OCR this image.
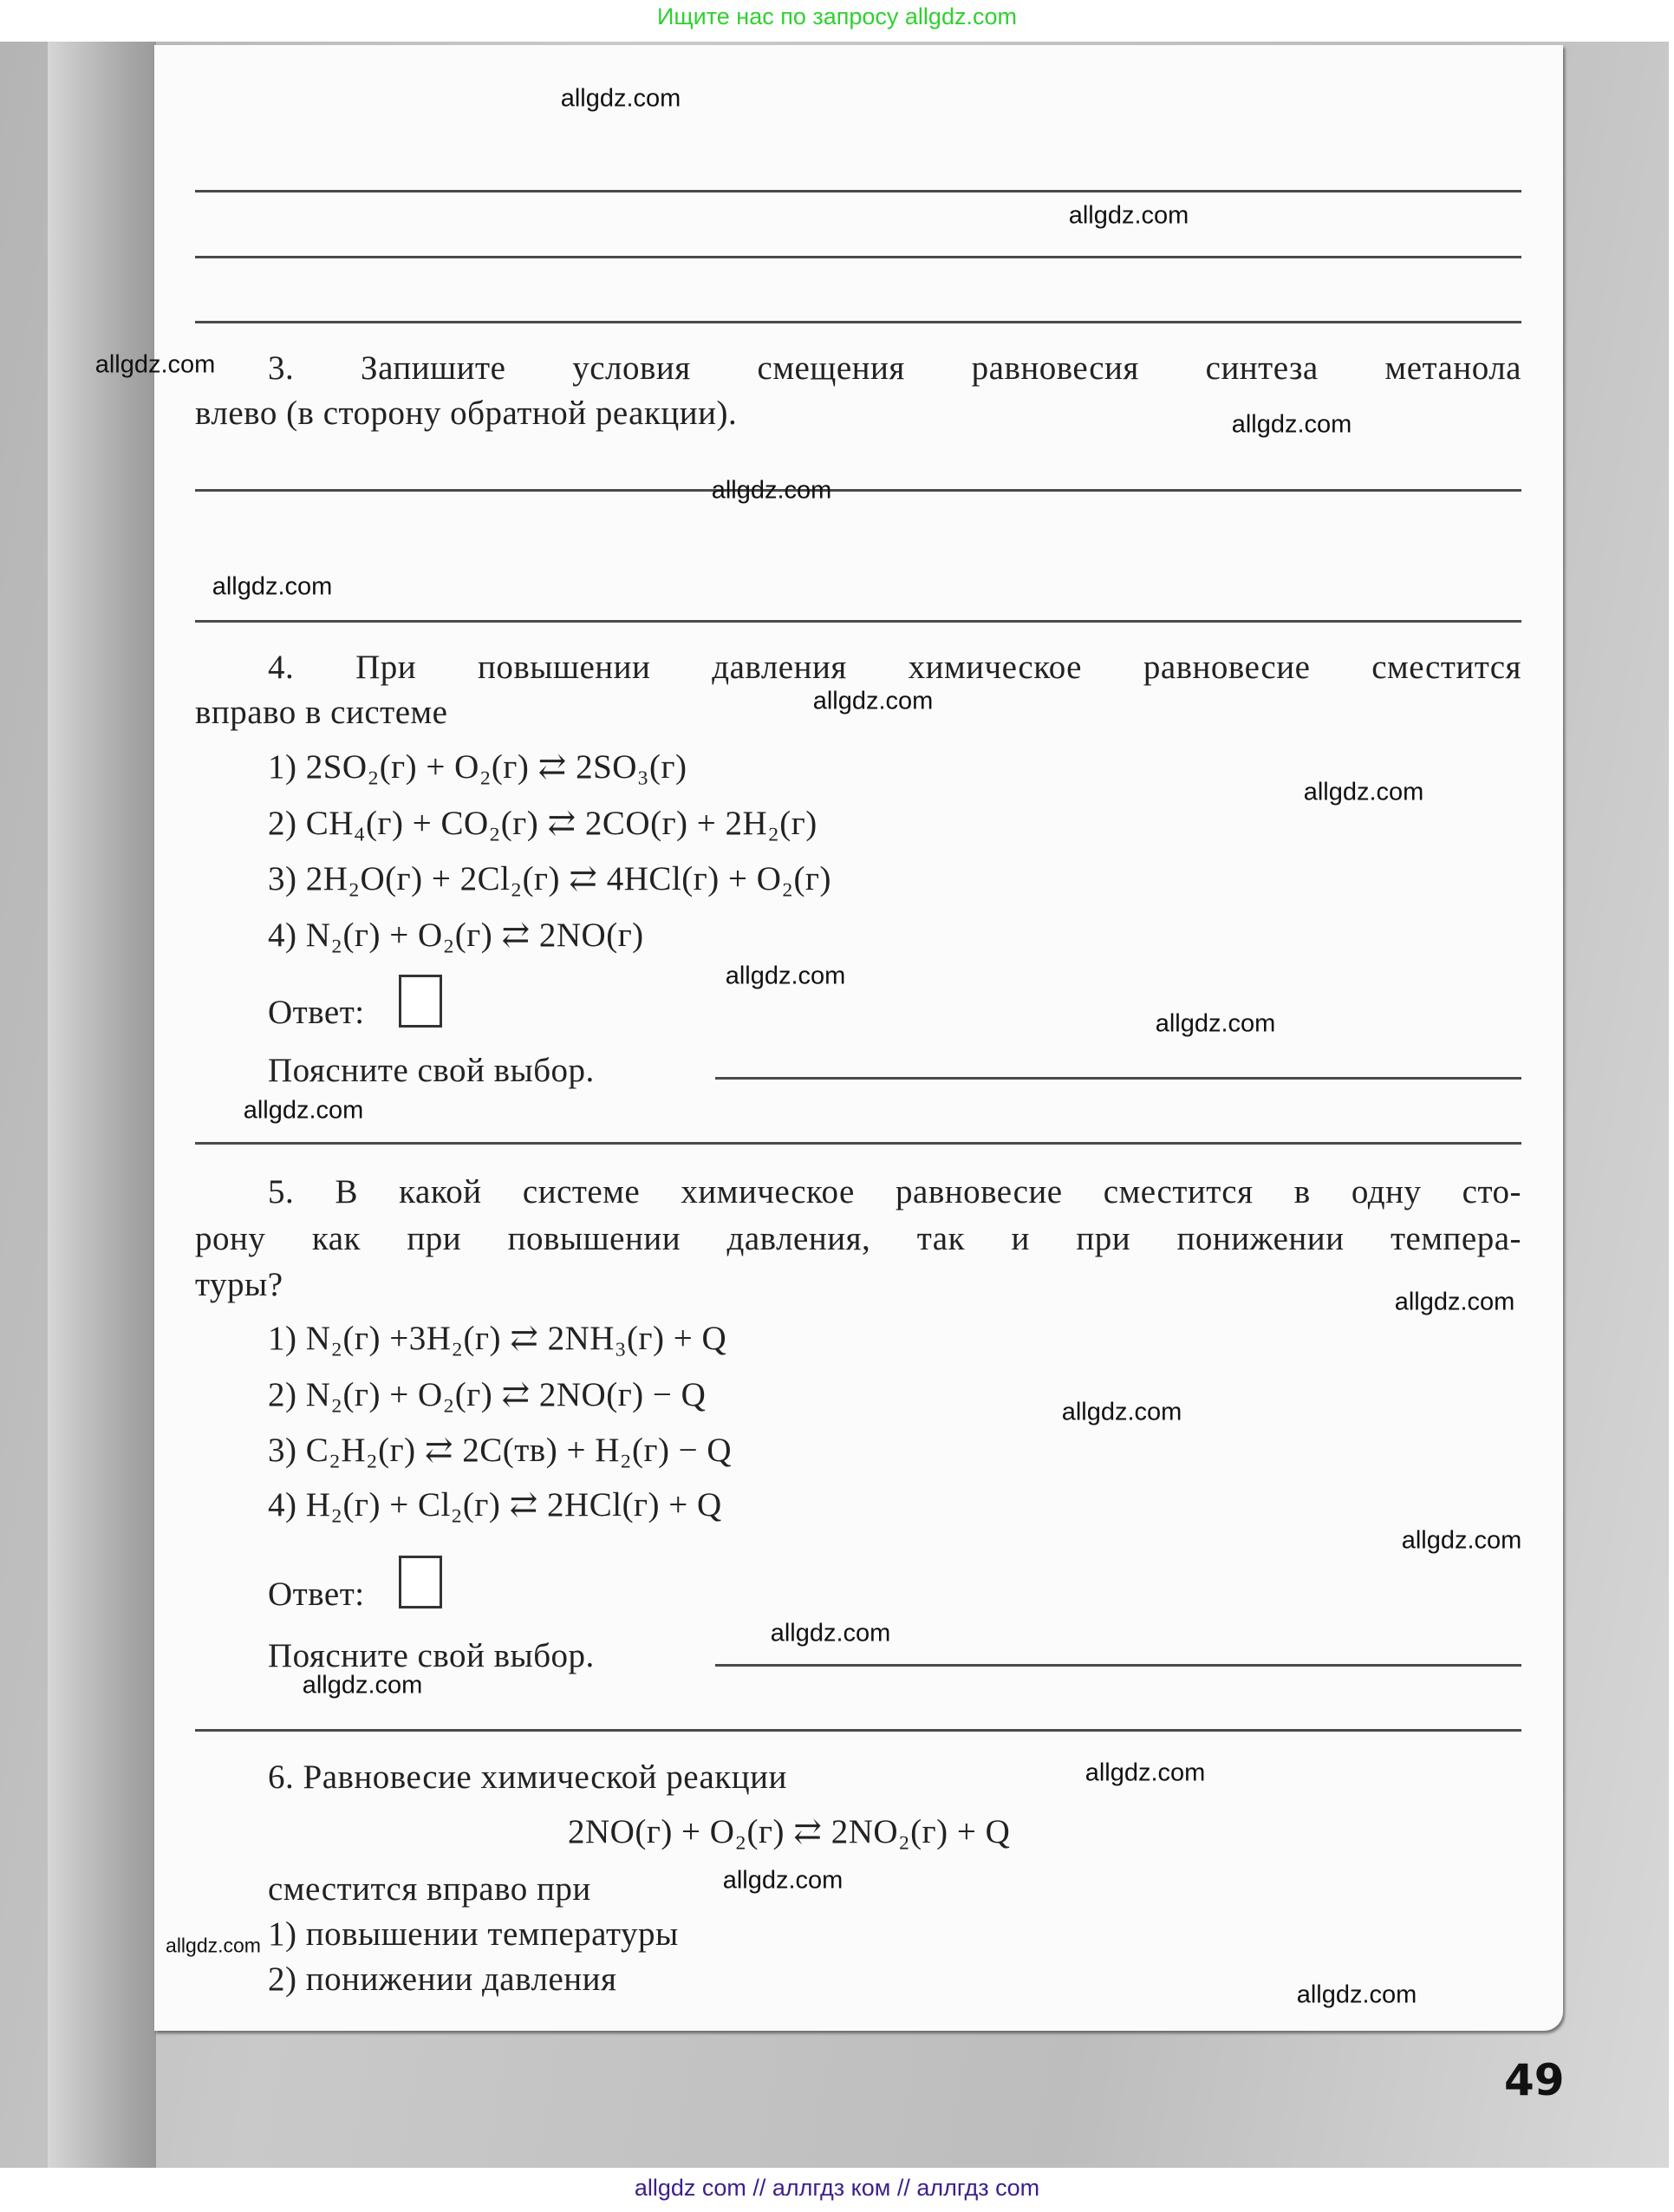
Ищите нас по запросу allgdz.com
3. Запишите условия смещения равновесия синтеза метанола
влево (в сторону обратной реакции).
4. При повышении давления химическое равновесие сместится
вправо в системе
1) 2SO₂(г) + O₂(г) ⇄ 2SO₃(г)
2) CH₄(г) + CO₂(г) ⇄ 2CO(г) + 2H₂(г)
3) 2H₂O(г) + 2Cl₂(г) ⇄ 4HCl(г) + O₂(г)
4) N₂(г) + O₂(г) ⇄ 2NO(г)
Ответ:
Поясните свой выбор.
5. В какой системе химическое равновесие сместится в одну сто-
рону как при повышении давления, так и при понижении темпера-
туры?
1) N₂(г) +3H₂(г) ⇄ 2NH₃(г) + Q
2) N₂(г) + O₂(г) ⇄ 2NO(г) − Q
3) C₂H₂(г) ⇄ 2C(тв) + H₂(г) − Q
4) H₂(г) + Cl₂(г) ⇄ 2HCl(г) + Q
Ответ:
Поясните свой выбор.
6. Равновесие химической реакции
2NO(г) + O₂(г) ⇄ 2NO₂(г) + Q
сместится вправо при
1) повышении температуры
2) понижении давления
49
allgdz com // аллгдз ком // аллгдз com
allgdz.com
allgdz.com
allgdz.com
allgdz.com
allgdz.com
allgdz.com
allgdz.com
allgdz.com
allgdz.com
allgdz.com
allgdz.com
allgdz.com
allgdz.com
allgdz.com
allgdz.com
allgdz.com
allgdz.com
allgdz.com
allgdz.com
allgdz.com
